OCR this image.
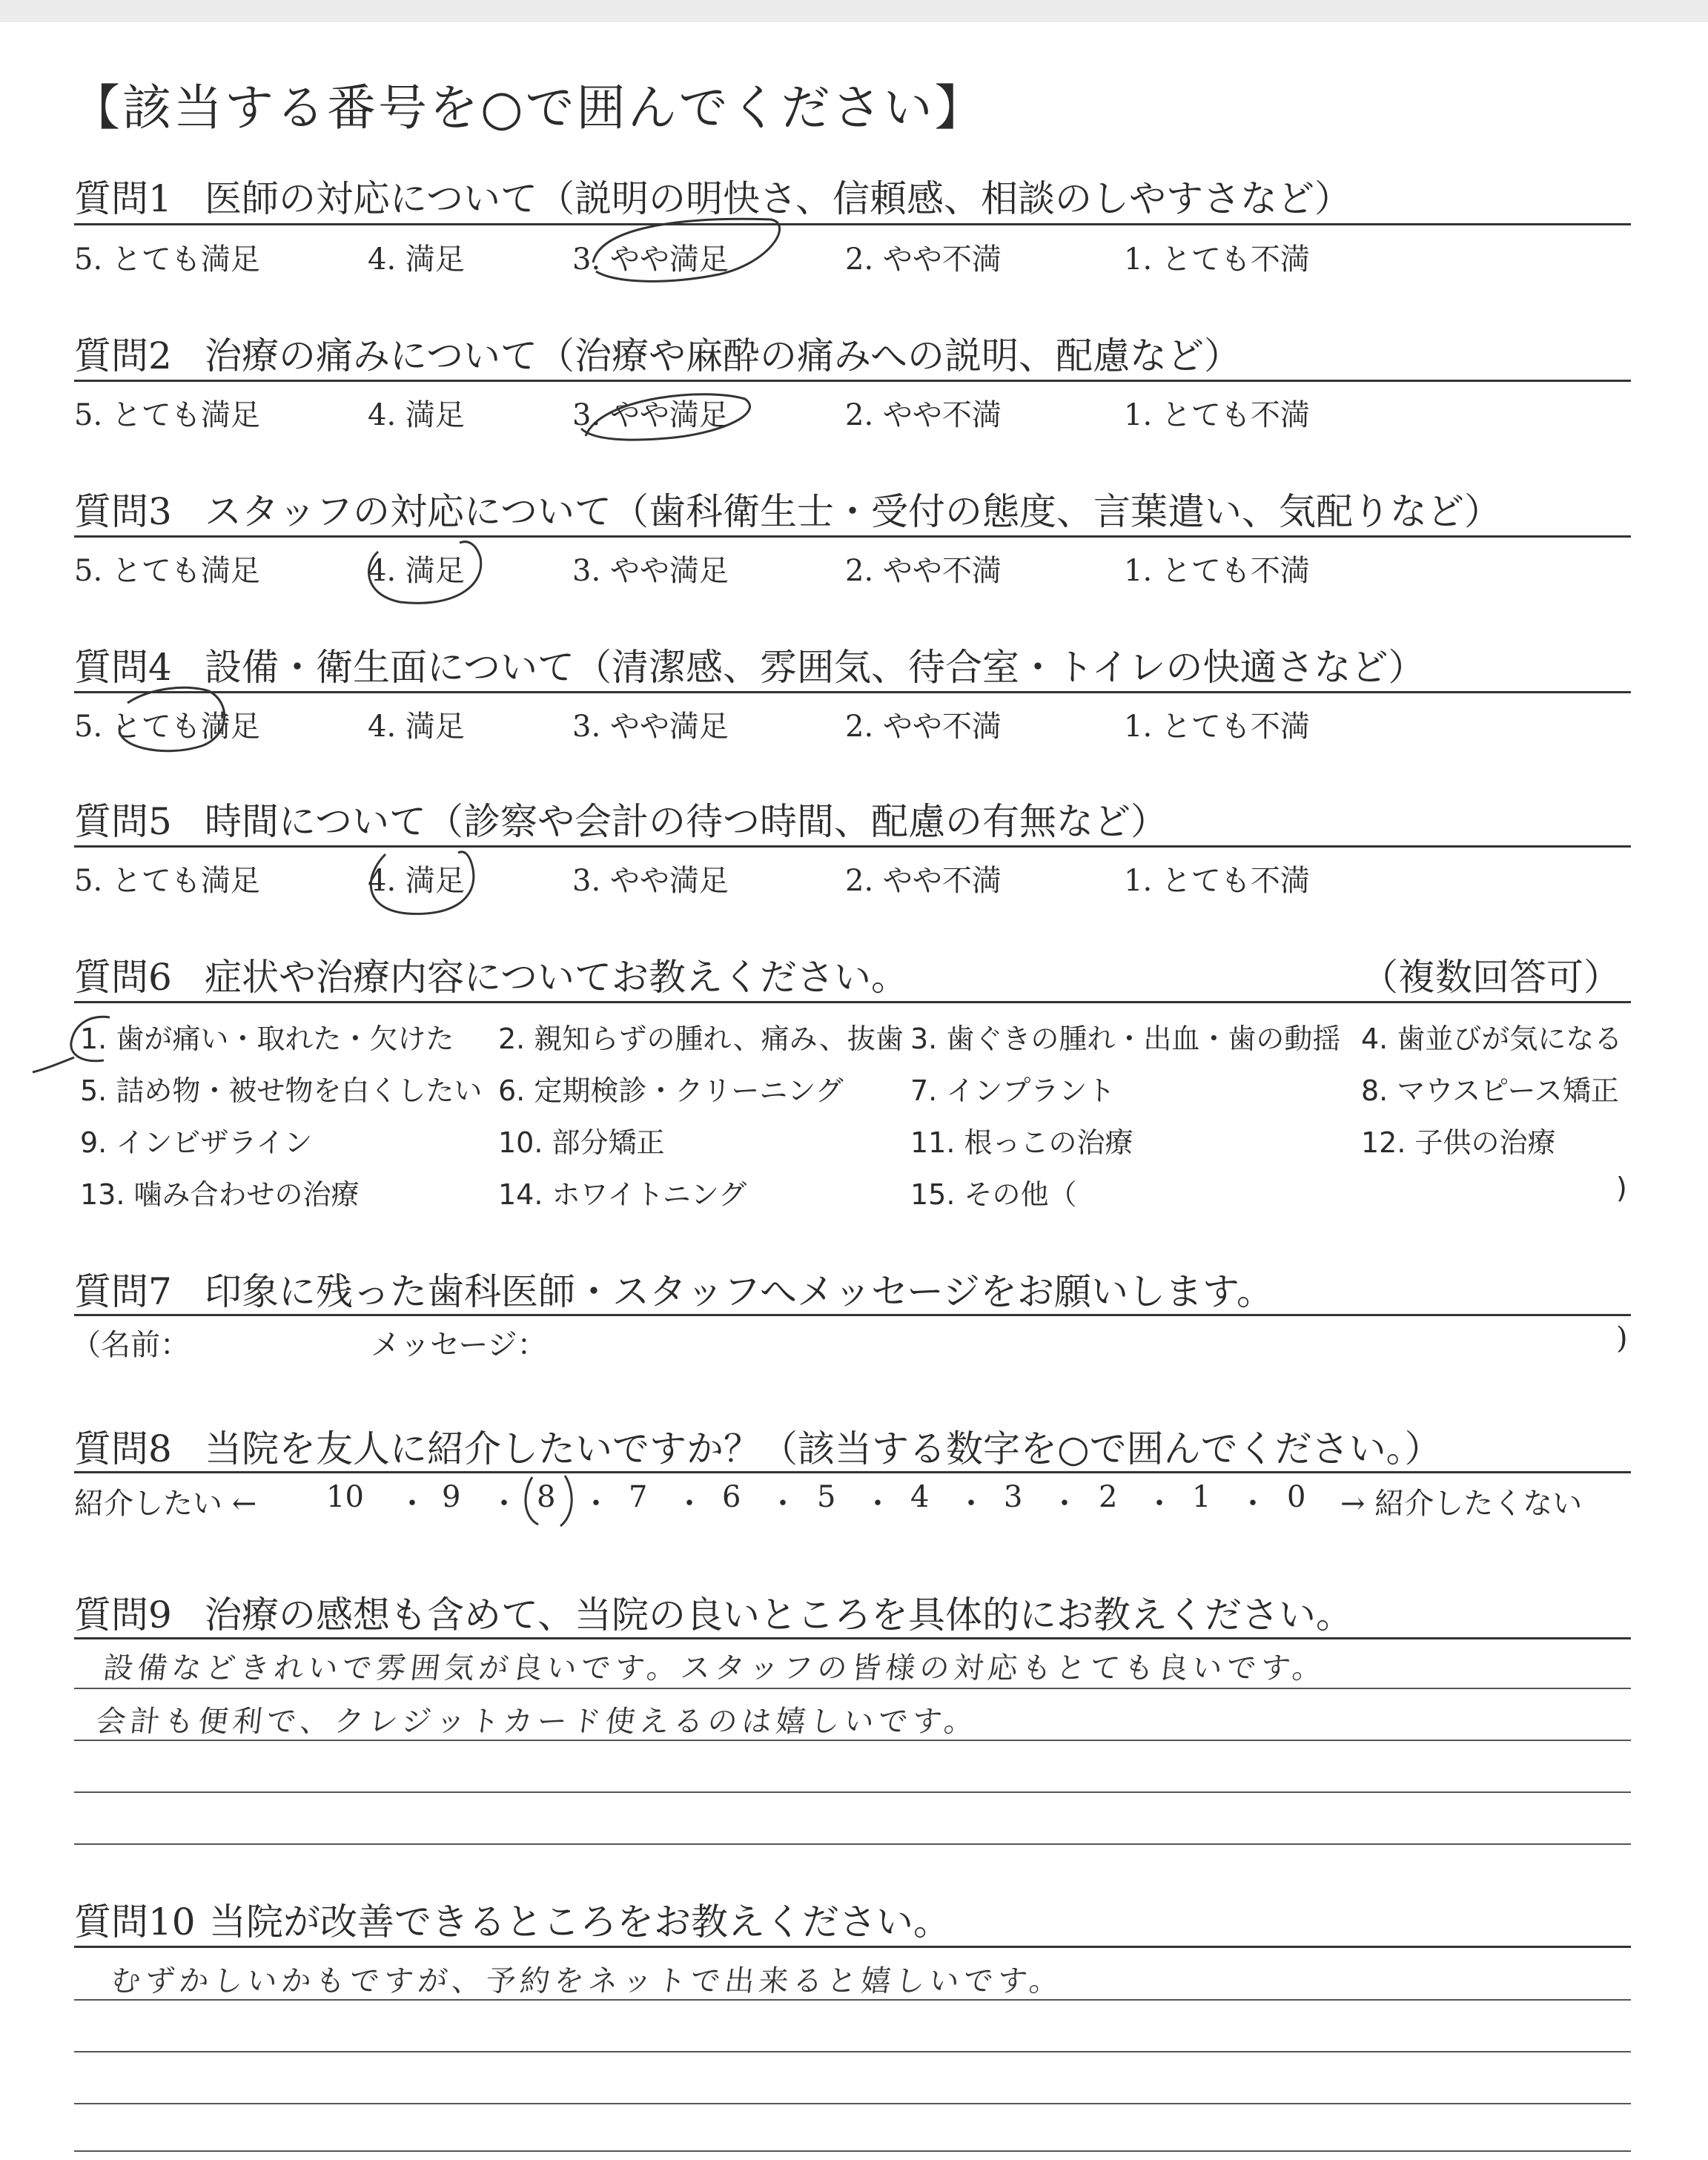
【該当する番号を○で囲んでください】
質問1 医師の対応について（説明の明快さ、信頼感、相談のしやすさなど）
5. とても満足	4. 満足	3. やや満足	2. やや不満	1. とても不満
質問2 治療の痛みについて（治療や麻酔の痛みへの説明、配慮など）
5. とても満足	4. 満足	3. やや満足	2. やや不満	1. とても不満
質問3 スタッフの対応について（歯科衛生士・受付の態度、言葉遣い、気配りなど）
5. とても満足	4. 満足	3. やや満足	2. やや不満	1. とても不満
質問4 設備・衛生面について（清潔感、雰囲気、待合室・トイレの快適さなど）
5. とても満足	4. 満足	3. やや満足	2. やや不満	1. とても不満
質問5 時間について（診察や会計の待つ時間、配慮の有無など）
5. とても満足	4. 満足	3. やや満足	2. やや不満	1. とても不満
質問6 症状や治療内容についてお教えください。	（複数回答可）
1. 歯が痛い・取れた・欠けた 2. 親知らずの腫れ、痛み、抜歯 3. 歯ぐきの腫れ・出血・歯の動揺 4. 歯並びが気になる
5. 詰め物・被せ物を白くしたい 6. 定期検診・クリーニング 7. インプラント	8. マウスピース矯正
9. インビザライン	10. 部分矯正	11. 根っこの治療	12. 子供の治療
13. 噛み合わせの治療	14. ホワイトニング	15. その他（	)
質問7 印象に残った歯科医師・スタッフへメッセージをお願いします。
（名前：	メッセージ：	)
質問8 当院を友人に紹介したいですか？（該当する数字を○で囲んでください。）
紹介したい ← 10 ・ 9 ・ 8 ・ 7 ・ 6 ・ 5 ・ 4 ・ 3 ・ 2 ・ 1 ・ 0 → 紹介したくない
質問9 治療の感想も含めて、当院の良いところを具体的にお教えください。
設備などきれいで雰囲気が良いです。スタッフの皆様の対応もとても良いです。
会計も便利で、クレジットカード使えるのは嬉しいです。
質問10 当院が改善できるところをお教えください。
むずかしいかもですが、予約をネットで出来ると嬉しいです。
